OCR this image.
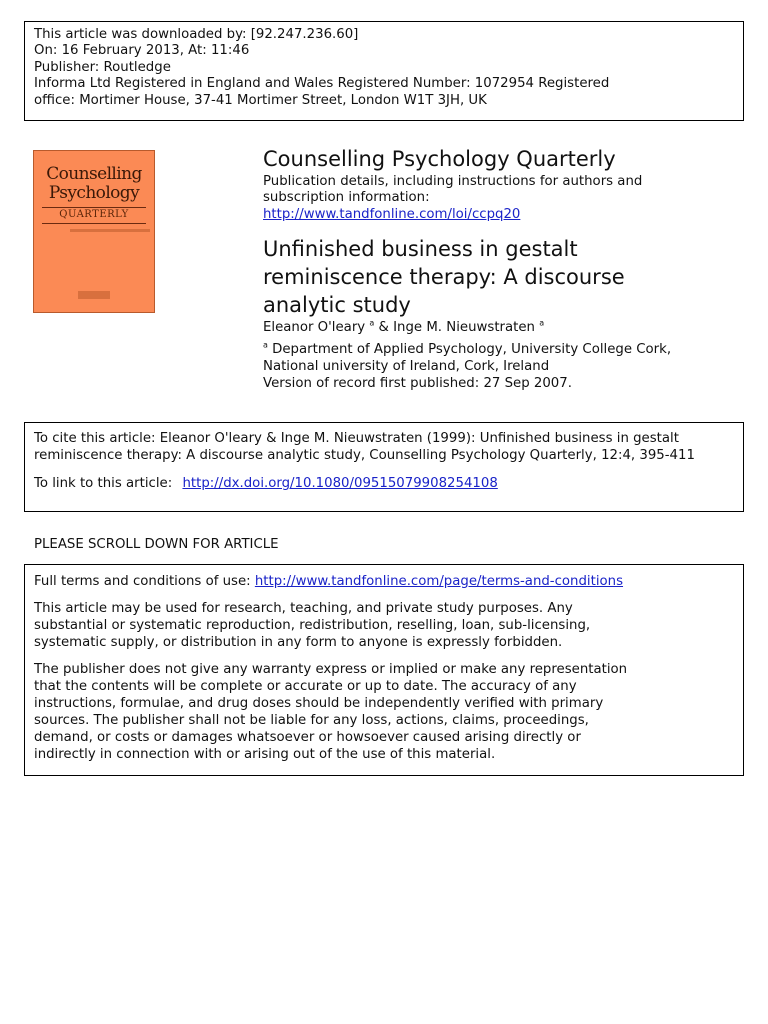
This article was downloaded by: [92.247.236.60]
On: 16 February 2013, At: 11:46
Publisher: Routledge
Informa Ltd Registered in England and Wales Registered Number: 1072954 Registered
office: Mortimer House, 37-41 Mortimer Street, London W1T 3JH, UK
Counselling
Psychology
QUARTERLY
Counselling Psychology Quarterly
Publication details, including instructions for authors and
subscription information:
http://www.tandfonline.com/loi/ccpq20
Unfinished business in gestalt
reminiscence therapy: A discourse
analytic study
Eleanor O'leary $^a$ & Inge M. Nieuwstraten $^a$
$^a$ Department of Applied Psychology, University College Cork,
National university of Ireland, Cork, Ireland
Version of record first published: 27 Sep 2007.
To cite this article: Eleanor O'leary & Inge M. Nieuwstraten (1999): Unfinished business in gestalt
reminiscence therapy: A discourse analytic study, Counselling Psychology Quarterly, 12:4, 395-411
To link to this article: http://dx.doi.org/10.1080/09515079908254108
PLEASE SCROLL DOWN FOR ARTICLE

Full terms and conditions of use: http://www.tandfonline.com/page/terms-and-conditions

This article may be used for research, teaching, and private study purposes. Any
substantial or systematic reproduction, redistribution, reselling, loan, sub-licensing,
systematic supply, or distribution in any form to anyone is expressly forbidden.

The publisher does not give any warranty express or implied or make any representation
that the contents will be complete or accurate or up to date. The accuracy of any
instructions, formulae, and drug doses should be independently verified with primary
sources. The publisher shall not be liable for any loss, actions, claims, proceedings,
demand, or costs or damages whatsoever or howsoever caused arising directly or
indirectly in connection with or arising out of the use of this material.
